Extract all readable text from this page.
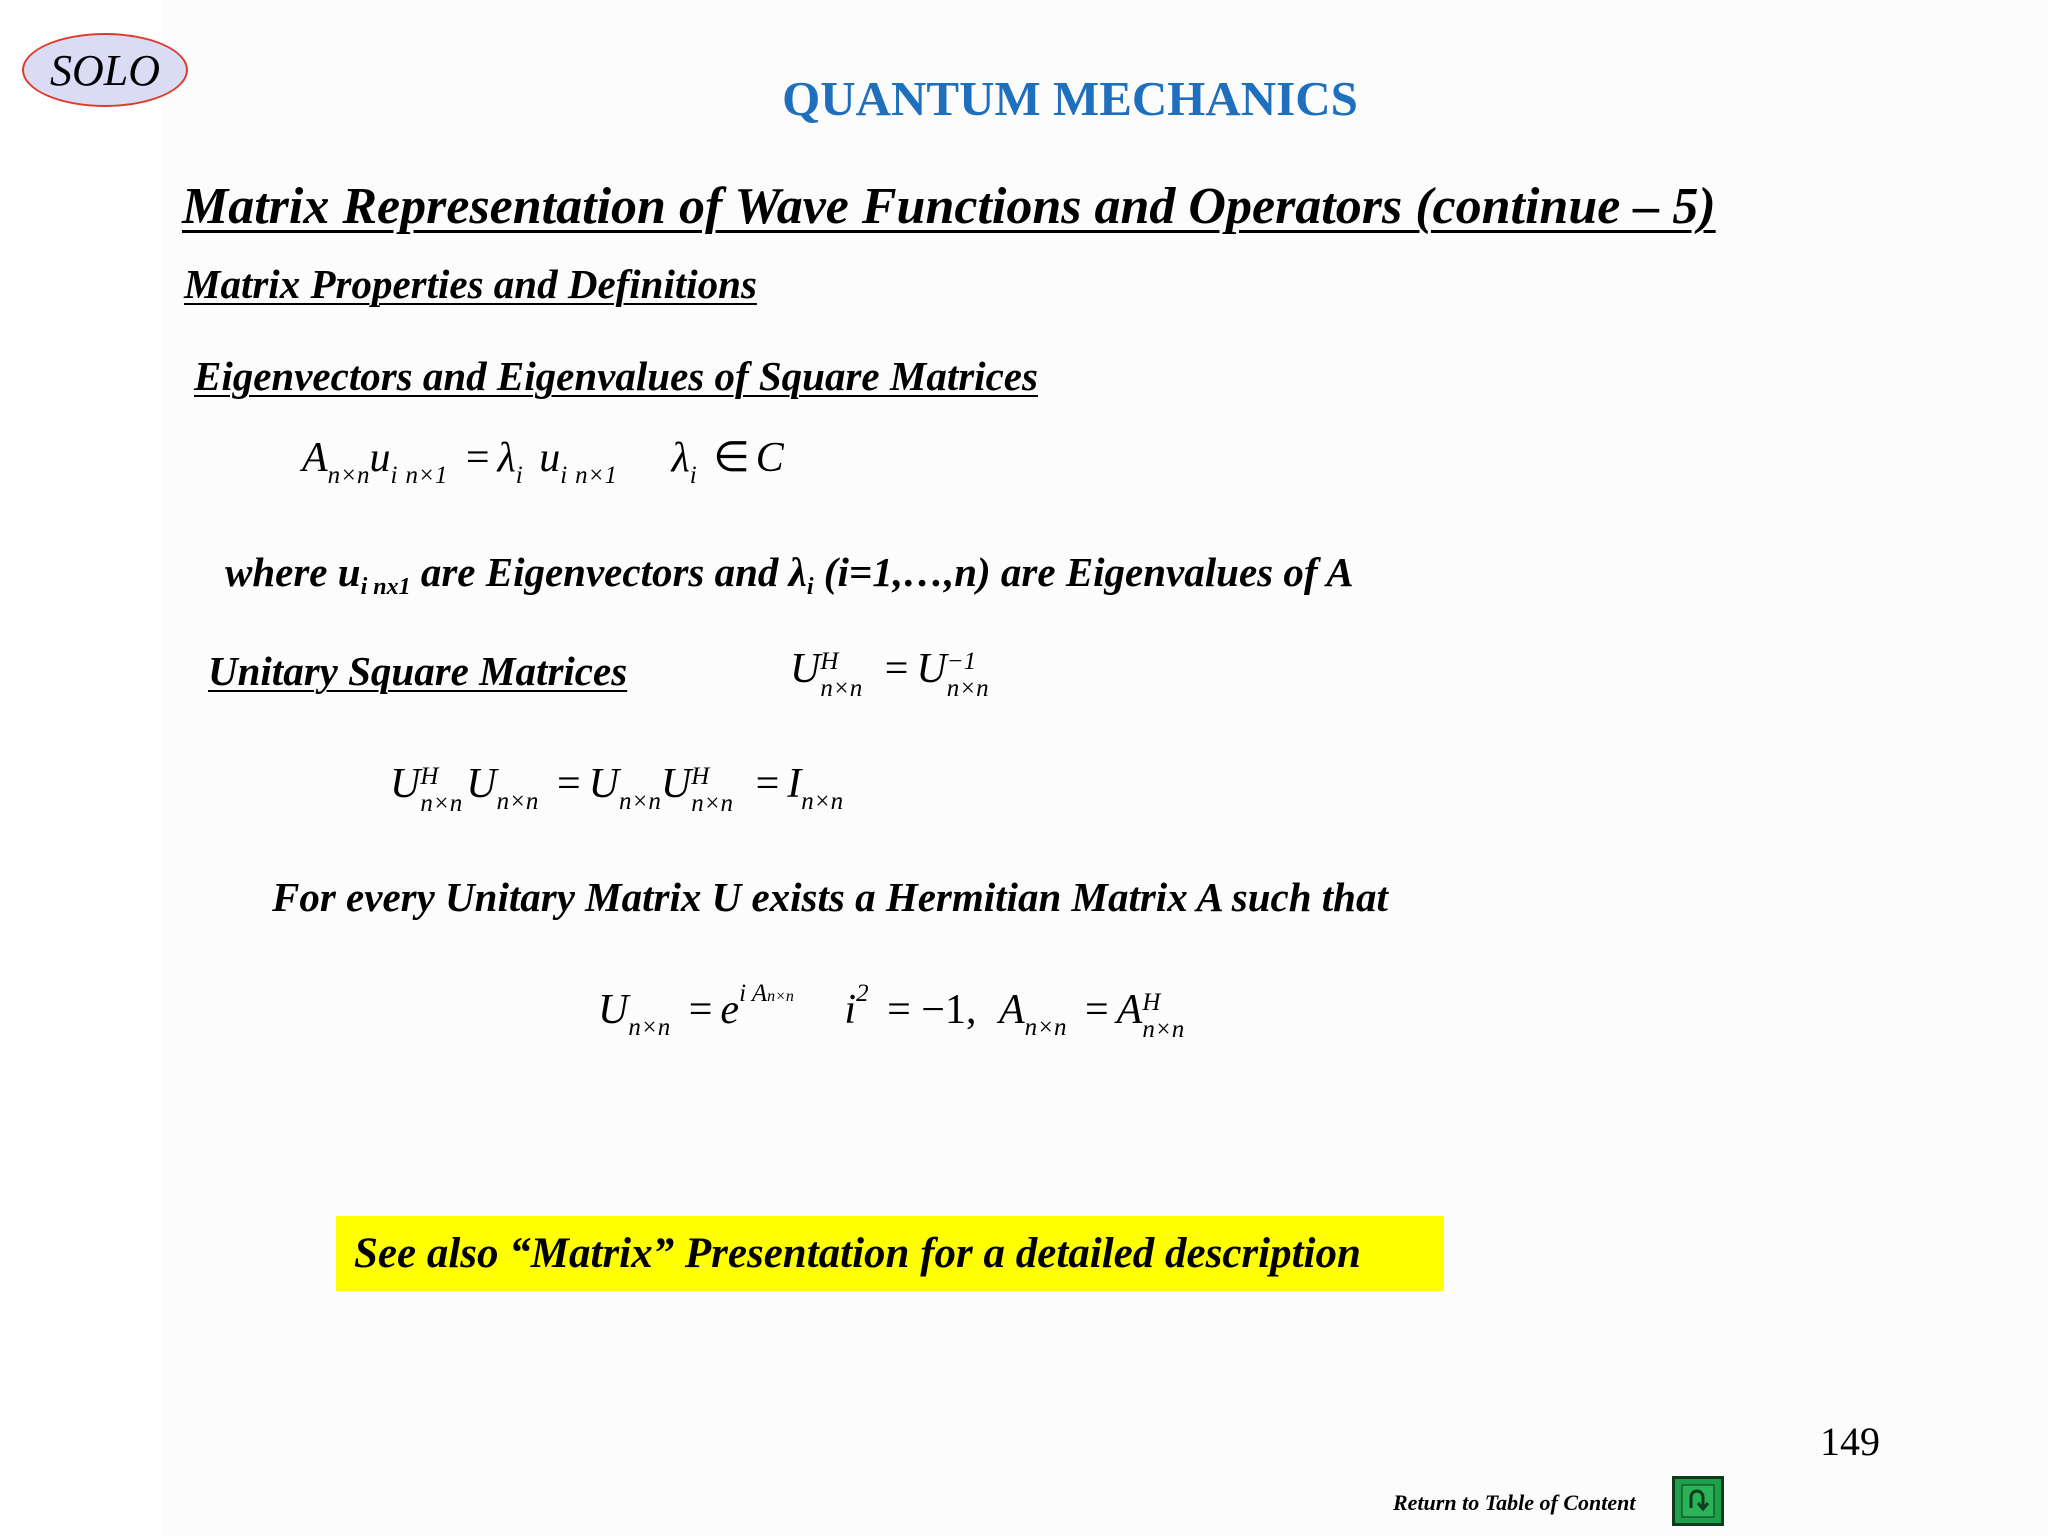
SOLO
QUANTUM MECHANICS
Matrix Representation of Wave Functions and Operators (continue – 5)
Matrix Properties and Definitions
Eigenvectors and Eigenvalues of Square Matrices
$A_{n\times n}u_i$ $_{n\times 1} = \lambda_i$ $u_i$ $_{n\times 1}$ $\lambda_i$ ∈ C
where $u_{i nx1}$ are Eigenvectors and $\lambda_i$ (i=1,…,n) are Eigenvalues of A
Unitary Square Matrices	U H
n×n = U −1
n×n
U H
n×n $U_{n\times n} = U_{n\times n}U$ H
$n\times n = I_{n\times n}$
For every Unitary Matrix U exists a Hermitian Matrix A such that
$U_{n\times n} = e^{i An\times n}$ $i^2 = -1$, $A_{n\times n} = A$ H
n×n
See also “Matrix” Presentation for a detailed description
149
Return to Table of Content
